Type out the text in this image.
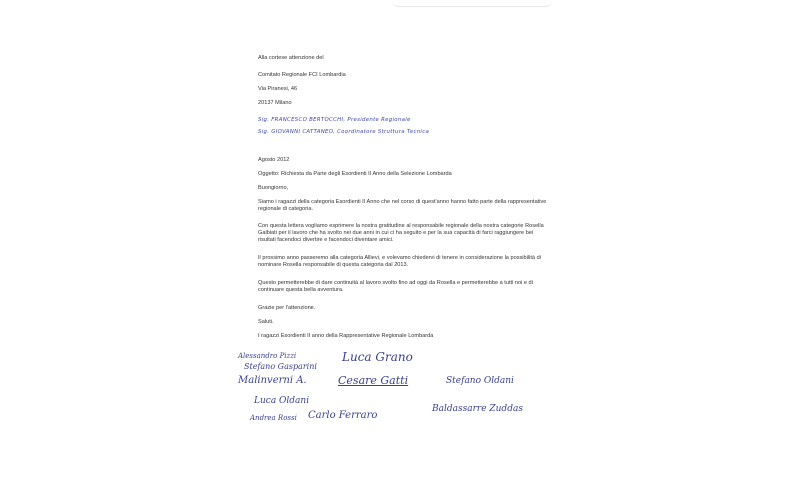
Alla cortese attenzione del
Comitato Regionale FCI Lombardia
Via Piranesi, 46
20137 Milano
Sig. FRANCESCO BERTOCCHI, Presidente Regionale
Sig. GIOVANNI CATTANEO, Coordinatore Struttura Tecnica
Agosto 2012
Oggetto: Richiesta da Parte degli Esordienti II Anno della Selezione Lombarda
Buongiorno,
Siamo i ragazzi della categoria Esordienti II Anno che nel corso di quest'anno hanno fatto parte della rappresentative regionale di categoria.
Con questa lettera vogliamo esprimere la nostra gratitudine al responsabile regionale della nostra categorie Rosella Galbiati per il lavoro che ha svolto nei due anni in cui ci ha seguito e per la sua capacità di farci raggiungere bei risultati facendoci divertire e facendoci diventare amici.
Il prossimo anno passeremo alla categoria Allievi, e volevamo chiedervi di tenere in considerazione la possibilità di nominare Rosella responsabile di questa categoria dal 2013.
Questo permetterebbe di dare continuità al lavoro svolto fino ad oggi da Rosella e permetterebbe a tutti noi e di continuare questa bella avventura.
Grazie per l'attenzione.
Saluti.
I ragazzi Esordienti II anno della Rappresentative Regionale Lombarda
Alessandro Pizzi
Stefano Gasparini
Luca Grano
Malinverni A.	Cesare Gatti	Stefano Oldani
Luca Oldani
Baldassarre Zuddas
Andrea Rossi Carlo Ferraro
